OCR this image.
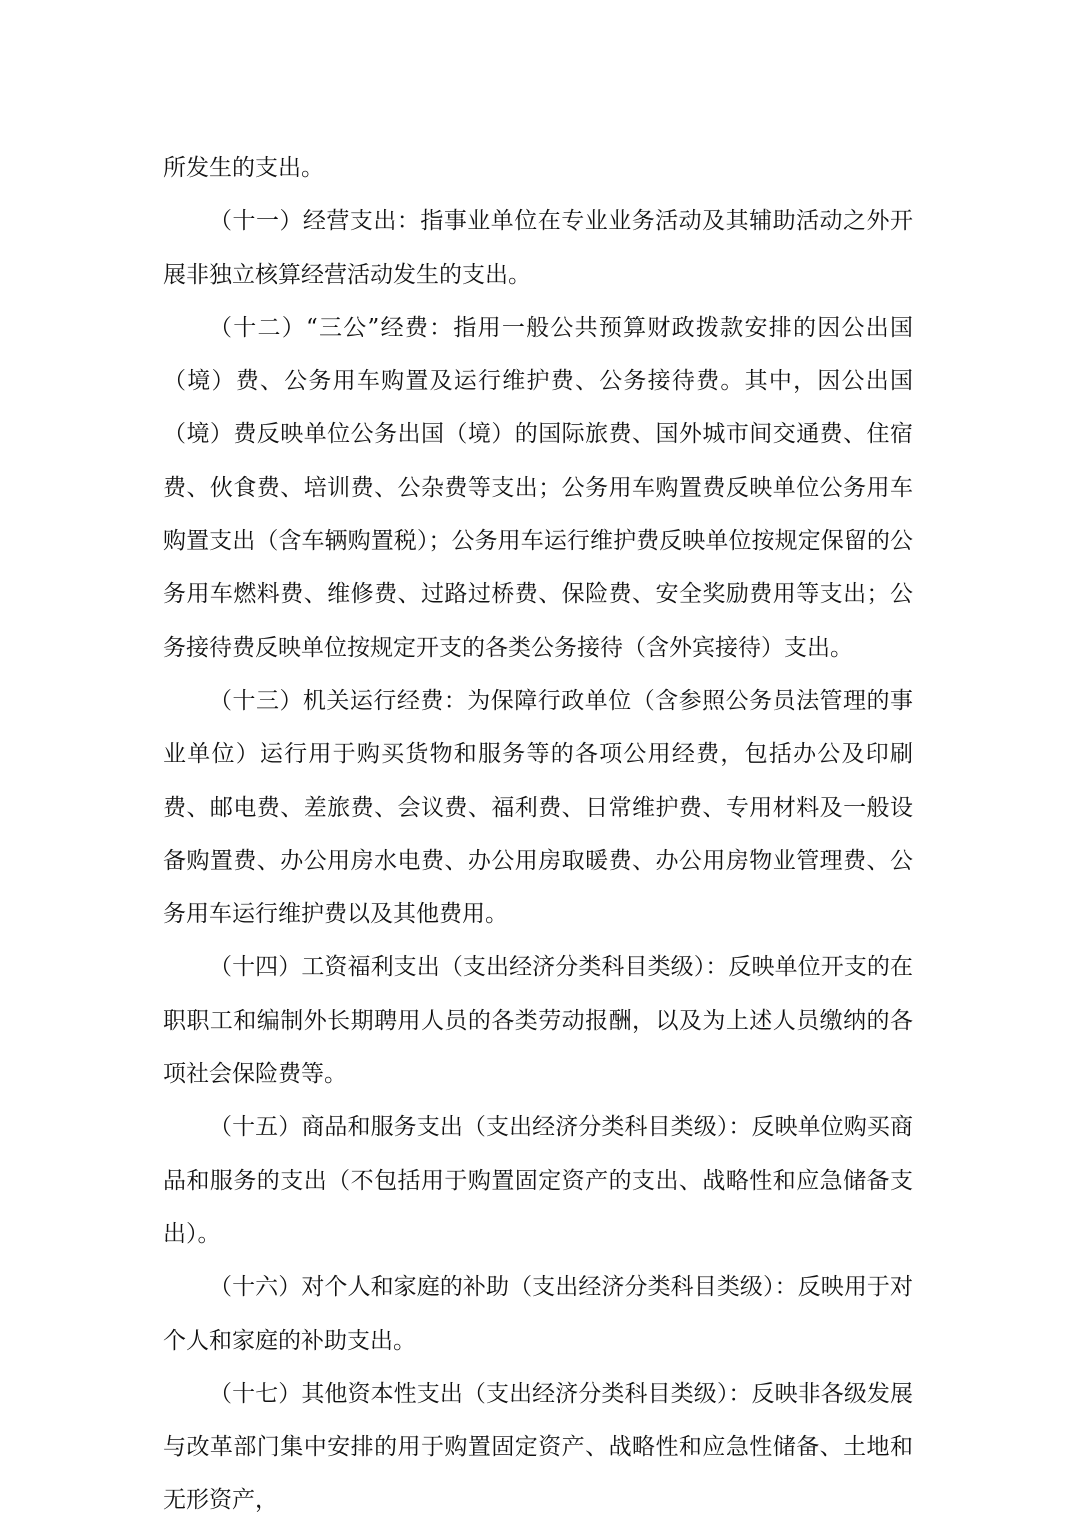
所发生的支出。

（十一）经营支出：指事业单位在专业业务活动及其辅助活动之外开展非独立核算经营活动发生的支出。

（十二）“三公”经费：指用一般公共预算财政拨款安排的因公出国（境）费、公务用车购置及运行维护费、公务接待费。其中，因公出国（境）费反映单位公务出国（境）的国际旅费、国外城市间交通费、住宿费、伙食费、培训费、公杂费等支出；公务用车购置费反映单位公务用车购置支出（含车辆购置税）；公务用车运行维护费反映单位按规定保留的公务用车燃料费、维修费、过路过桥费、保险费、安全奖励费用等支出；公务接待费反映单位按规定开支的各类公务接待（含外宾接待）支出。

（十三）机关运行经费：为保障行政单位（含参照公务员法管理的事业单位）运行用于购买货物和服务等的各项公用经费，包括办公及印刷费、邮电费、差旅费、会议费、福利费、日常维护费、专用材料及一般设备购置费、办公用房水电费、办公用房取暖费、办公用房物业管理费、公务用车运行维护费以及其他费用。

（十四）工资福利支出（支出经济分类科目类级）：反映单位开支的在职职工和编制外长期聘用人员的各类劳动报酬，以及为上述人员缴纳的各项社会保险费等。

（十五）商品和服务支出（支出经济分类科目类级）：反映单位购买商品和服务的支出（不包括用于购置固定资产的支出、战略性和应急储备支出）。

（十六）对个人和家庭的补助（支出经济分类科目类级）：反映用于对个人和家庭的补助支出。

（十七）其他资本性支出（支出经济分类科目类级）：反映非各级发展与改革部门集中安排的用于购置固定资产、战略性和应急性储备、土地和无形资产，
